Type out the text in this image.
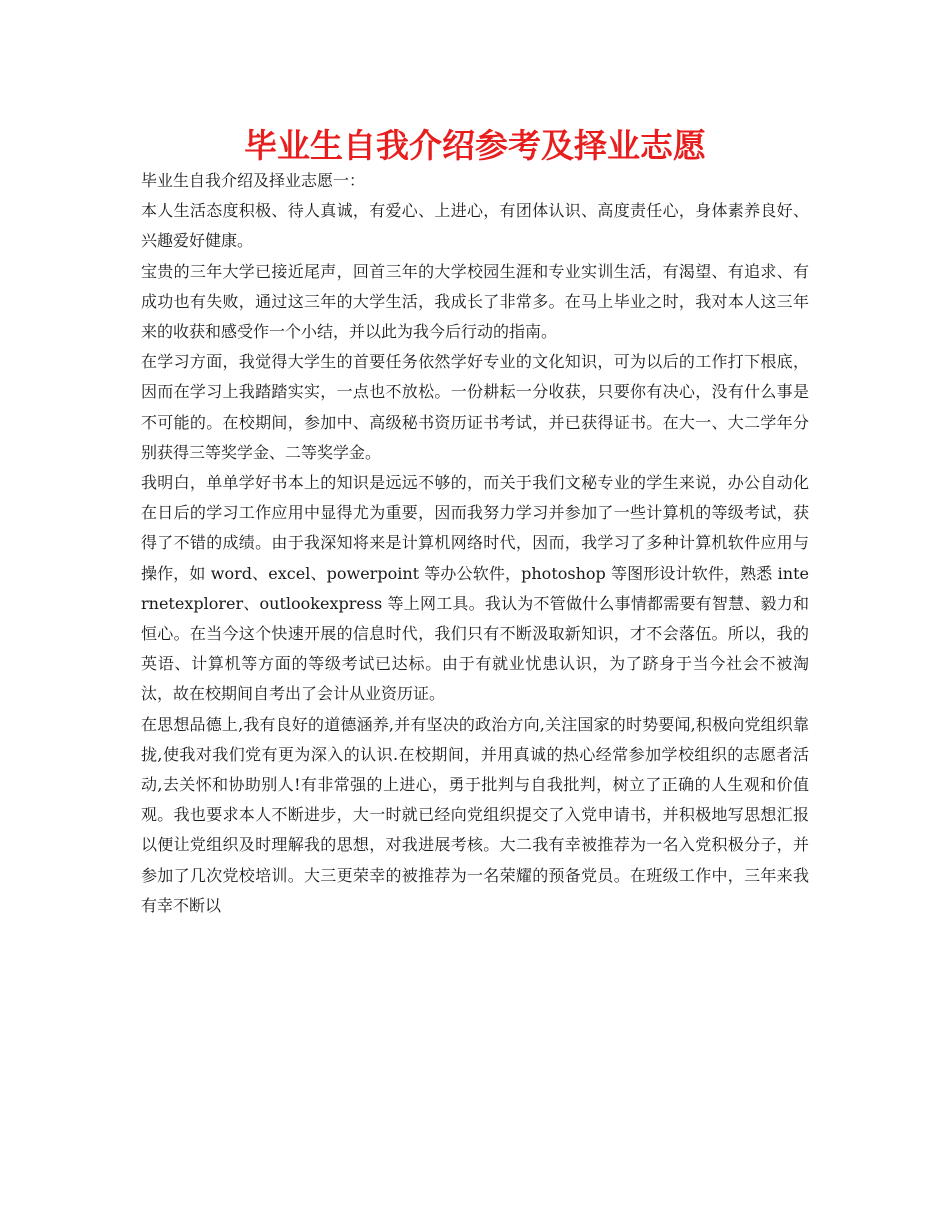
毕业生自我介绍参考及择业志愿

毕业生自我介绍及择业志愿一：

本人生活态度积极、待人真诚，有爱心、上进心，有团体认识、高度责任心，身体素养良好、兴趣爱好健康。

宝贵的三年大学已接近尾声，回首三年的大学校园生涯和专业实训生活，有渴望、有追求、有成功也有失败，通过这三年的大学生活，我成长了非常多。在马上毕业之时，我对本人这三年来的收获和感受作一个小结，并以此为我今后行动的指南。

在学习方面，我觉得大学生的首要任务依然学好专业的文化知识，可为以后的工作打下根底，因而在学习上我踏踏实实，一点也不放松。一份耕耘一分收获，只要你有决心，没有什么事是不可能的。在校期间，参加中、高级秘书资历证书考试，并已获得证书。在大一、大二学年分别获得三等奖学金、二等奖学金。

我明白，单单学好书本上的知识是远远不够的，而关于我们文秘专业的学生来说，办公自动化在日后的学习工作应用中显得尤为重要，因而我努力学习并参加了一些计算机的等级考试，获得了不错的成绩。由于我深知将来是计算机网络时代，因而，我学习了多种计算机软件应用与操作，如 word、excel、powerpoint 等办公软件，photoshop 等图形设计软件，熟悉 internetexplorer、outlookexpress 等上网工具。我认为不管做什么事情都需要有智慧、毅力和恒心。在当今这个快速开展的信息时代，我们只有不断汲取新知识，才不会落伍。所以，我的英语、计算机等方面的等级考试已达标。由于有就业忧患认识，为了跻身于当今社会不被淘汰，故在校期间自考出了会计从业资历证。

在思想品德上,我有良好的道德涵养,并有坚决的政治方向,关注国家的时势要闻,积极向党组织靠拢,使我对我们党有更为深入的认识.在校期间，并用真诚的热心经常参加学校组织的志愿者活动,去关怀和协助别人!有非常强的上进心，勇于批判与自我批判，树立了正确的人生观和价值观。我也要求本人不断进步，大一时就已经向党组织提交了入党申请书，并积极地写思想汇报以便让党组织及时理解我的思想，对我进展考核。大二我有幸被推荐为一名入党积极分子，并参加了几次党校培训。大三更荣幸的被推荐为一名荣耀的预备党员。在班级工作中，三年来我有幸不断以
